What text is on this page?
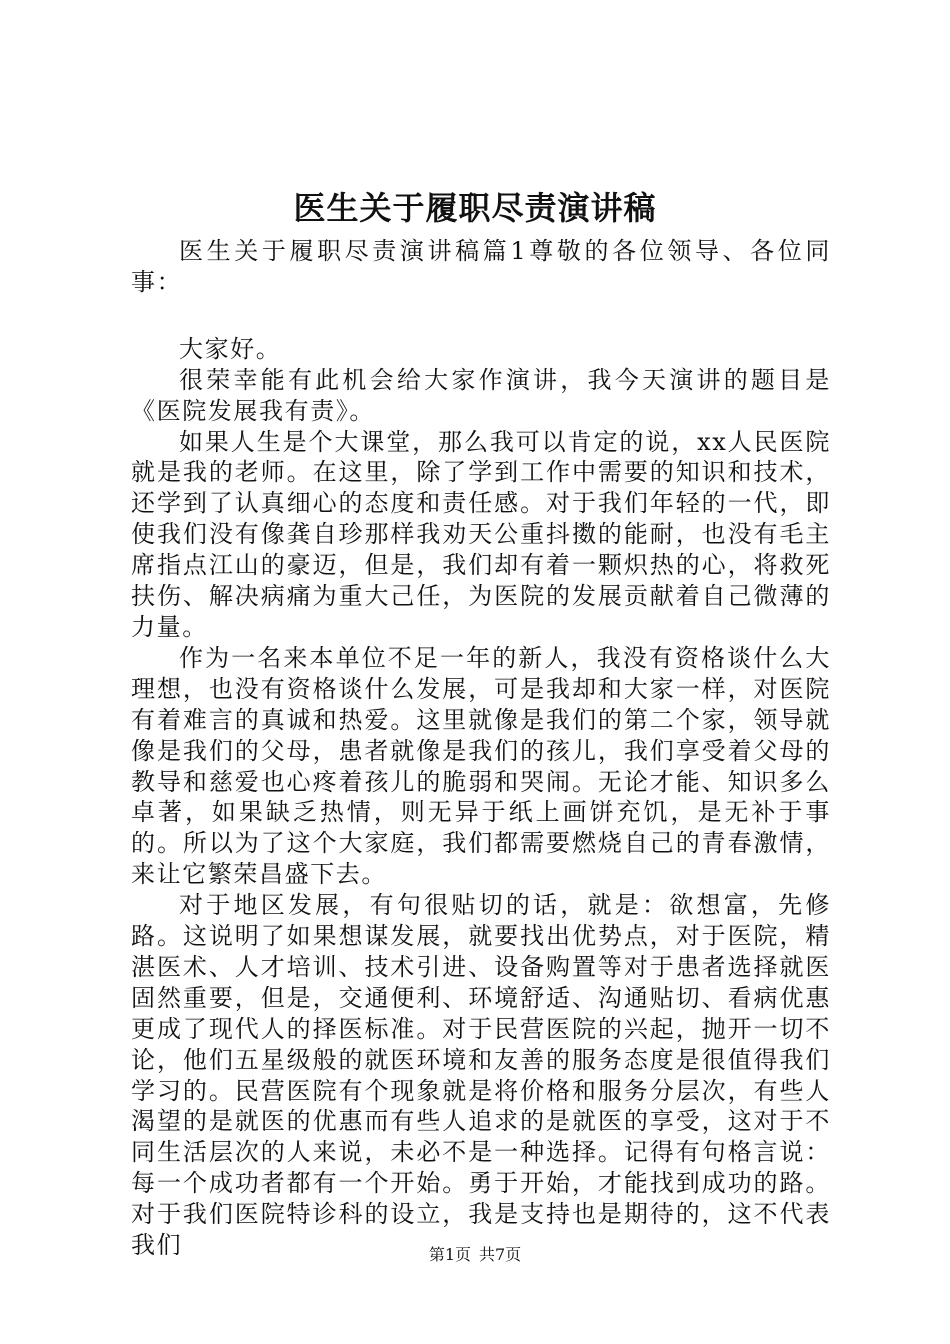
医生关于履职尽责演讲稿

医生关于履职尽责演讲稿篇1尊敬的各位领导、各位同事：

大家好。

很荣幸能有此机会给大家作演讲，我今天演讲的题目是《医院发展我有责》。

如果人生是个大课堂，那么我可以肯定的说，xx人民医院就是我的老师。在这里，除了学到工作中需要的知识和技术，还学到了认真细心的态度和责任感。对于我们年轻的一代，即使我们没有像龚自珍那样我劝天公重抖擞的能耐，也没有毛主席指点江山的豪迈，但是，我们却有着一颗炽热的心，将救死扶伤、解决病痛为重大己任，为医院的发展贡献着自己微薄的力量。

作为一名来本单位不足一年的新人，我没有资格谈什么大理想，也没有资格谈什么发展，可是我却和大家一样，对医院有着难言的真诚和热爱。这里就像是我们的第二个家，领导就像是我们的父母，患者就像是我们的孩儿，我们享受着父母的教导和慈爱也心疼着孩儿的脆弱和哭闹。无论才能、知识多么卓著，如果缺乏热情，则无异于纸上画饼充饥，是无补于事的。所以为了这个大家庭，我们都需要燃烧自己的青春激情，来让它繁荣昌盛下去。

对于地区发展，有句很贴切的话，就是：欲想富，先修路。这说明了如果想谋发展，就要找出优势点，对于医院，精湛医术、人才培训、技术引进、设备购置等对于患者选择就医固然重要，但是，交通便利、环境舒适、沟通贴切、看病优惠更成了现代人的择医标准。对于民营医院的兴起，抛开一切不论，他们五星级般的就医环境和友善的服务态度是很值得我们学习的。民营医院有个现象就是将价格和服务分层次，有些人渴望的是就医的优惠而有些人追求的是就医的享受，这对于不同生活层次的人来说，未必不是一种选择。记得有句格言说：每一个成功者都有一个开始。勇于开始，才能找到成功的路。对于我们医院特诊科的设立，我是支持也是期待的，这不代表我们	第1页 共7页
